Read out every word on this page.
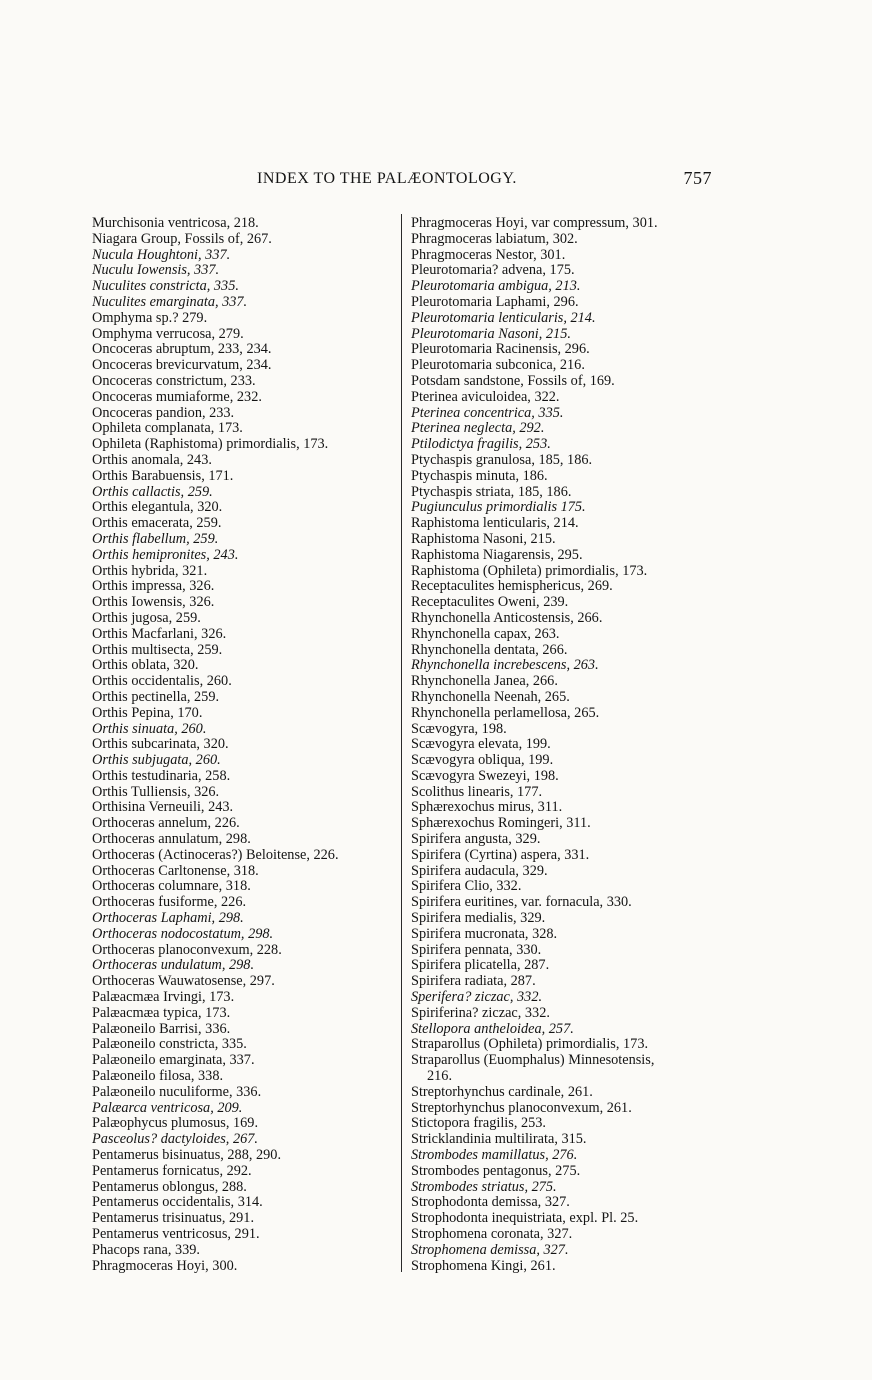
INDEX TO THE PALÆONTOLOGY.	757
Murchisonia ventricosa, 218.
Niagara Group, Fossils of, 267.
Nucula Houghtoni, 337.
Nuculu Iowensis, 337.
Nuculites constricta, 335.
Nuculites emarginata, 337.
Omphyma sp.? 279.
Omphyma verrucosa, 279.
Oncoceras abruptum, 233, 234.
Oncoceras brevicurvatum, 234.
Oncoceras constrictum, 233.
Oncoceras mumiaforme, 232.
Oncoceras pandion, 233.
Ophileta complanata, 173.
Ophileta (Raphistoma) primordialis, 173.
Orthis anomala, 243.
Orthis Barabuensis, 171.
Orthis callactis, 259.
Orthis elegantula, 320.
Orthis emacerata, 259.
Orthis flabellum, 259.
Orthis hemipronites, 243.
Orthis hybrida, 321.
Orthis impressa, 326.
Orthis Iowensis, 326.
Orthis jugosa, 259.
Orthis Macfarlani, 326.
Orthis multisecta, 259.
Orthis oblata, 320.
Orthis occidentalis, 260.
Orthis pectinella, 259.
Orthis Pepina, 170.
Orthis sinuata, 260.
Orthis subcarinata, 320.
Orthis subjugata, 260.
Orthis testudinaria, 258.
Orthis Tulliensis, 326.
Orthisina Verneuili, 243.
Orthoceras annelum, 226.
Orthoceras annulatum, 298.
Orthoceras (Actinoceras?) Beloitense, 226.
Orthoceras Carltonense, 318.
Orthoceras columnare, 318.
Orthoceras fusiforme, 226.
Orthoceras Laphami, 298.
Orthoceras nodocostatum, 298.
Orthoceras planoconvexum, 228.
Orthoceras undulatum, 298.
Orthoceras Wauwatosense, 297.
Palæacmæa Irvingi, 173.
Palæacmæa typica, 173.
Palæoneilo Barrisi, 336.
Palæoneilo constricta, 335.
Palæoneilo emarginata, 337.
Palæoneilo filosa, 338.
Palæoneilo nuculiforme, 336.
Palæarca ventricosa, 209.
Palæophycus plumosus, 169.
Pasceolus? dactyloides, 267.
Pentamerus bisinuatus, 288, 290.
Pentamerus fornicatus, 292.
Pentamerus oblongus, 288.
Pentamerus occidentalis, 314.
Pentamerus trisinuatus, 291.
Pentamerus ventricosus, 291.
Phacops rana, 339.
Phragmoceras Hoyi, 300.
Phragmoceras Hoyi, var compressum, 301.
Phragmoceras labiatum, 302.
Phragmoceras Nestor, 301.
Pleurotomaria? advena, 175.
Pleurotomaria ambigua, 213.
Pleurotomaria Laphami, 296.
Pleurotomaria lenticularis, 214.
Pleurotomaria Nasoni, 215.
Pleurotomaria Racinensis, 296.
Pleurotomaria subconica, 216.
Potsdam sandstone, Fossils of, 169.
Pterinea aviculoidea, 322.
Pterinea concentrica, 335.
Pterinea neglecta, 292.
Ptilodictya fragilis, 253.
Ptychaspis granulosa, 185, 186.
Ptychaspis minuta, 186.
Ptychaspis striata, 185, 186.
Pugiunculus primordialis 175.
Raphistoma lenticularis, 214.
Raphistoma Nasoni, 215.
Raphistoma Niagarensis, 295.
Raphistoma (Ophileta) primordialis, 173.
Receptaculites hemisphericus, 269.
Receptaculites Oweni, 239.
Rhynchonella Anticostensis, 266.
Rhynchonella capax, 263.
Rhynchonella dentata, 266.
Rhynchonella increbescens, 263.
Rhynchonella Janea, 266.
Rhynchonella Neenah, 265.
Rhynchonella perlamellosa, 265.
Scævogyra, 198.
Scævogyra elevata, 199.
Scævogyra obliqua, 199.
Scævogyra Swezeyi, 198.
Scolithus linearis, 177.
Sphærexochus mirus, 311.
Sphærexochus Romingeri, 311.
Spirifera angusta, 329.
Spirifera (Cyrtina) aspera, 331.
Spirifera audacula, 329.
Spirifera Clio, 332.
Spirifera euritines, var. fornacula, 330.
Spirifera medialis, 329.
Spirifera mucronata, 328.
Spirifera pennata, 330.
Spirifera plicatella, 287.
Spirifera radiata, 287.
Sperifera? ziczac, 332.
Spiriferina? ziczac, 332.
Stellopora antheloidea, 257.
Straparollus (Ophileta) primordialis, 173.
Straparollus (Euomphalus) Minnesotensis,
216.
Streptorhynchus cardinale, 261.
Streptorhynchus planoconvexum, 261.
Stictopora fragilis, 253.
Stricklandinia multilirata, 315.
Strombodes mamillatus, 276.
Strombodes pentagonus, 275.
Strombodes striatus, 275.
Strophodonta demissa, 327.
Strophodonta inequistriata, expl. Pl. 25.
Strophomena coronata, 327.
Strophomena demissa, 327.
Strophomena Kingi, 261.
